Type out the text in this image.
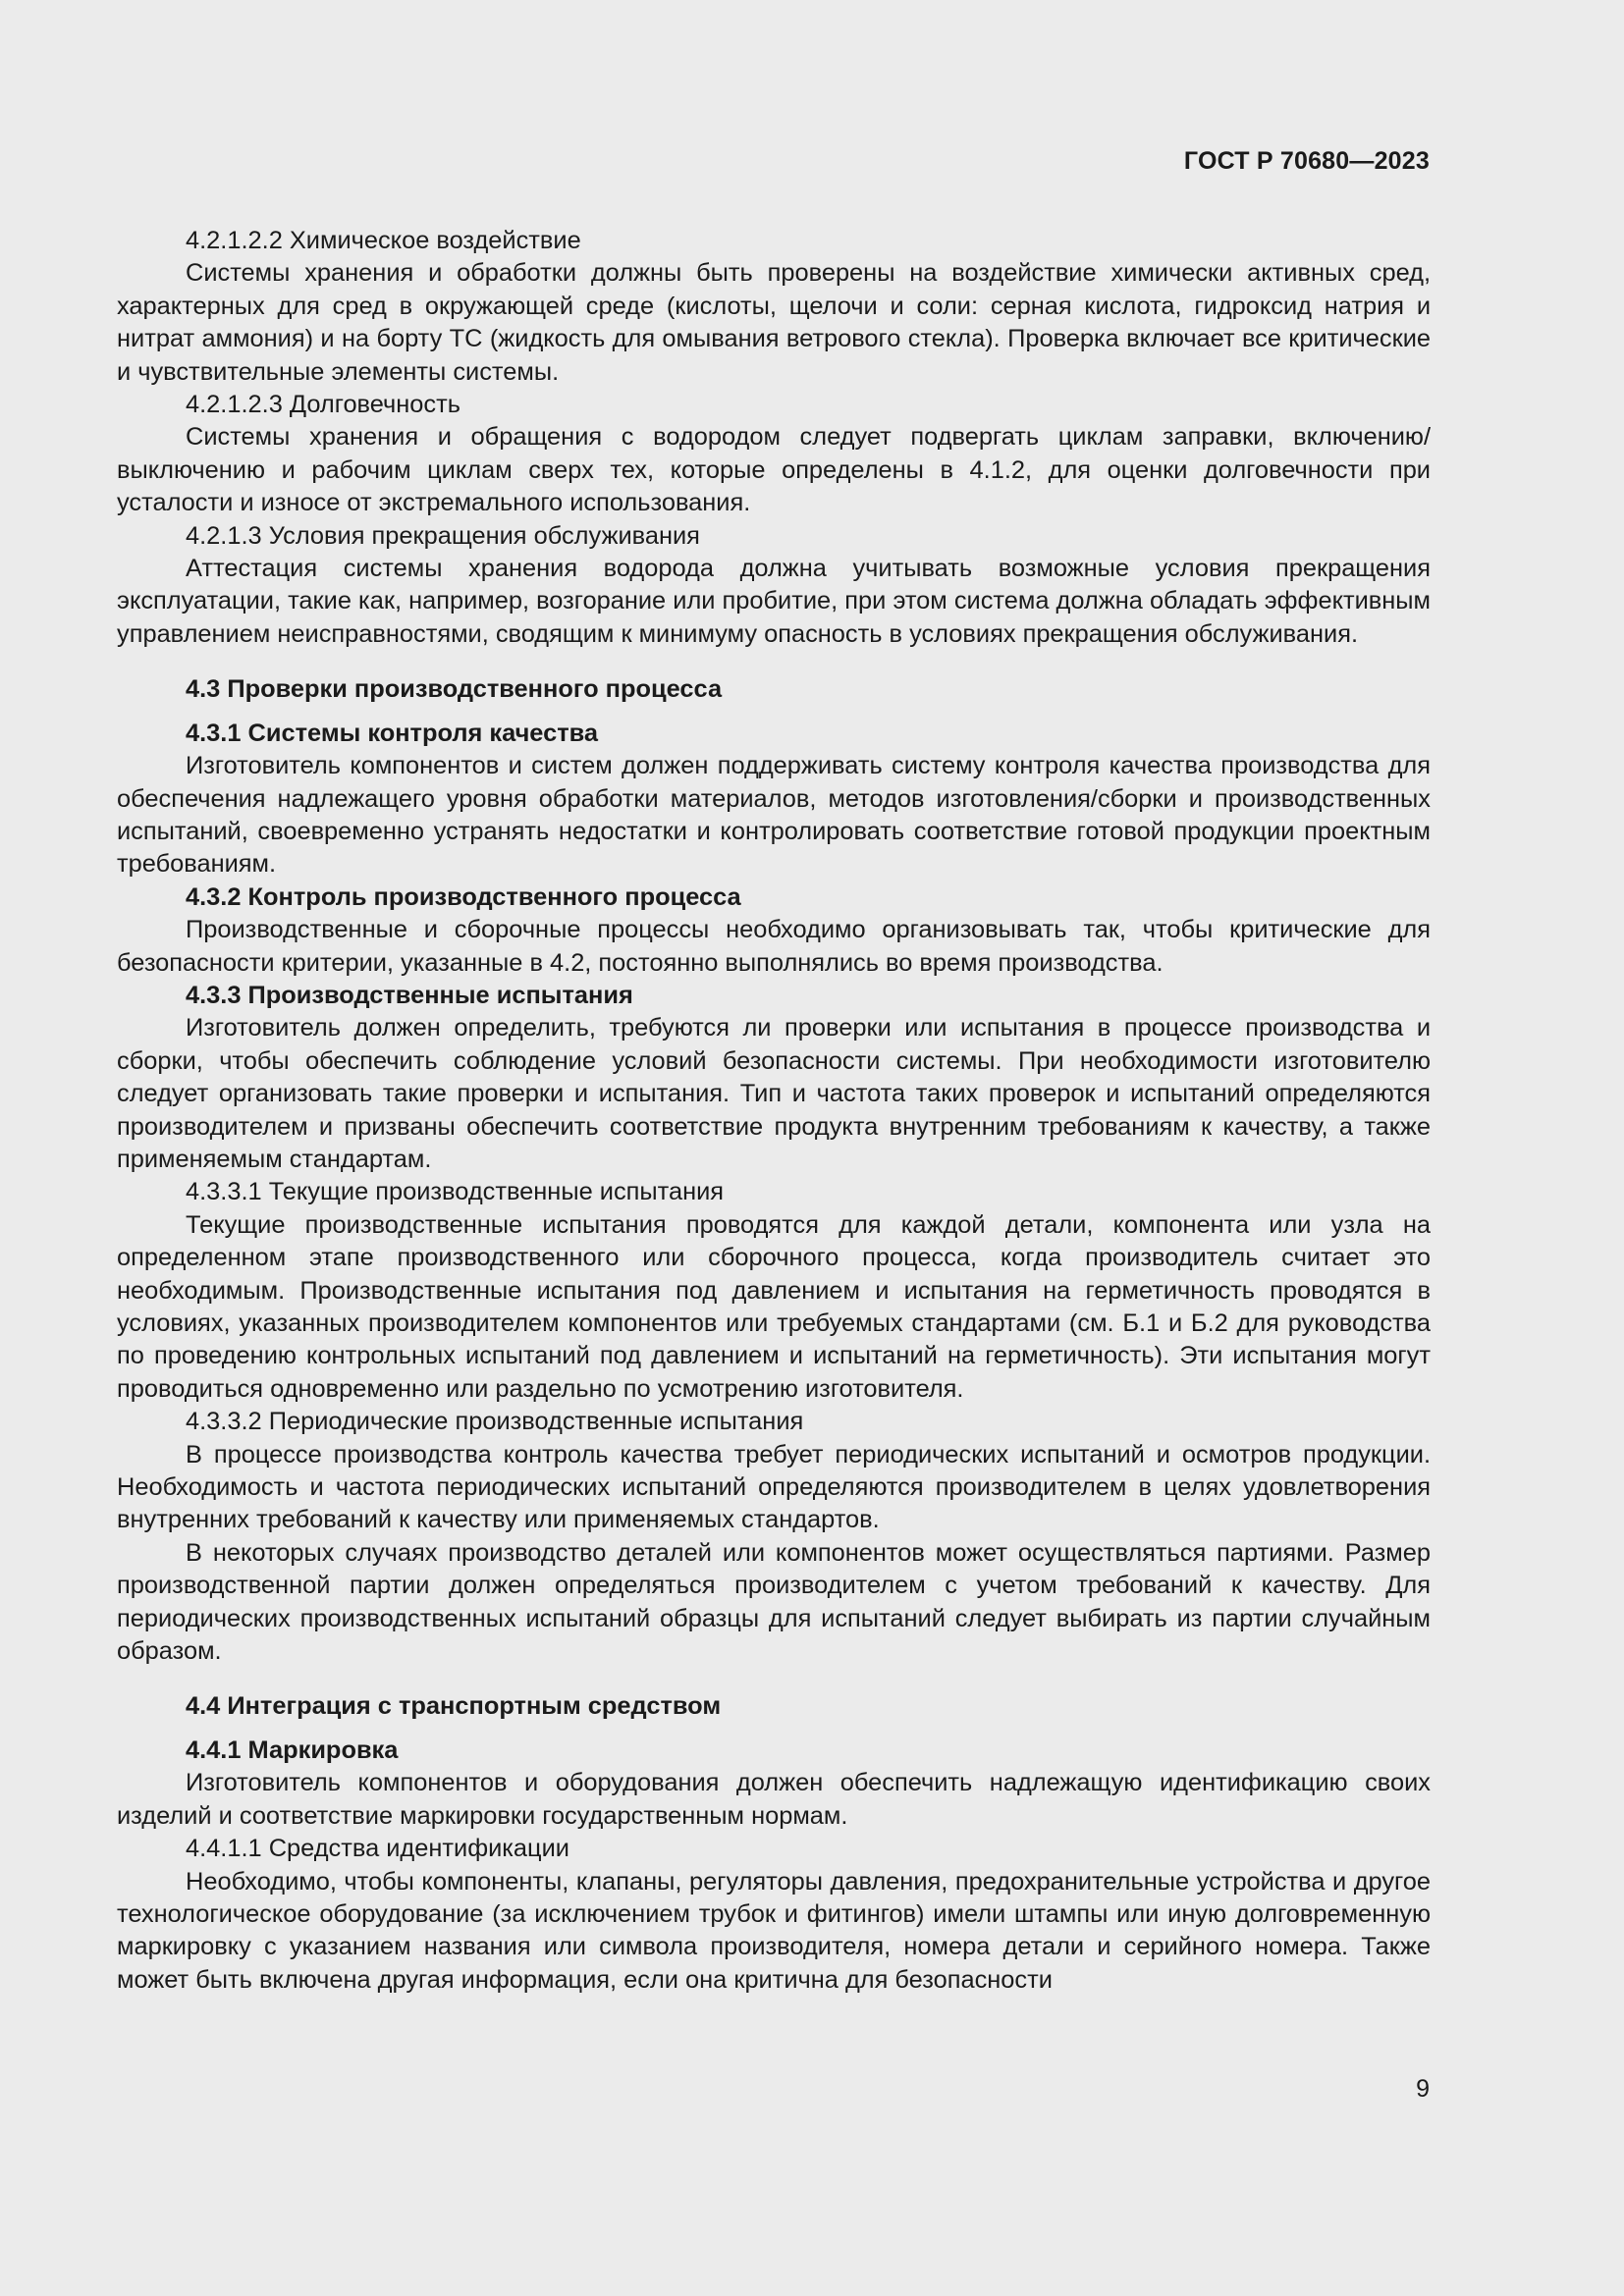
ГОСТ Р 70680—2023

4.2.1.2.2 Химическое воздействие

Системы хранения и обработки должны быть проверены на воздействие химически активных сред, характерных для сред в окружающей среде (кислоты, щелочи и соли: серная кислота, гидроксид натрия и нитрат аммония) и на борту ТС (жидкость для омывания ветрового стекла). Проверка включает все критические и чувствительные элементы системы.

4.2.1.2.3 Долговечность

Системы хранения и обращения с водородом следует подвергать циклам заправки, включению/выключению и рабочим циклам сверх тех, которые определены в 4.1.2, для оценки долговечности при усталости и износе от экстремального использования.

4.2.1.3 Условия прекращения обслуживания

Аттестация системы хранения водорода должна учитывать возможные условия прекращения эксплуатации, такие как, например, возгорание или пробитие, при этом система должна обладать эффективным управлением неисправностями, сводящим к минимуму опасность в условиях прекращения обслуживания.

4.3 Проверки производственного процесса

4.3.1 Системы контроля качества

Изготовитель компонентов и систем должен поддерживать систему контроля качества производства для обеспечения надлежащего уровня обработки материалов, методов изготовления/сборки и производственных испытаний, своевременно устранять недостатки и контролировать соответствие готовой продукции проектным требованиям.

4.3.2 Контроль производственного процесса

Производственные и сборочные процессы необходимо организовывать так, чтобы критические для безопасности критерии, указанные в 4.2, постоянно выполнялись во время производства.

4.3.3 Производственные испытания

Изготовитель должен определить, требуются ли проверки или испытания в процессе производства и сборки, чтобы обеспечить соблюдение условий безопасности системы. При необходимости изготовителю следует организовать такие проверки и испытания. Тип и частота таких проверок и испытаний определяются производителем и призваны обеспечить соответствие продукта внутренним требованиям к качеству, а также применяемым стандартам.

4.3.3.1 Текущие производственные испытания

Текущие производственные испытания проводятся для каждой детали, компонента или узла на определенном этапе производственного или сборочного процесса, когда производитель считает это необходимым. Производственные испытания под давлением и испытания на герметичность проводятся в условиях, указанных производителем компонентов или требуемых стандартами (см. Б.1 и Б.2 для руководства по проведению контрольных испытаний под давлением и испытаний на герметичность). Эти испытания могут проводиться одновременно или раздельно по усмотрению изготовителя.

4.3.3.2 Периодические производственные испытания

В процессе производства контроль качества требует периодических испытаний и осмотров продукции. Необходимость и частота периодических испытаний определяются производителем в целях удовлетворения внутренних требований к качеству или применяемых стандартов.

В некоторых случаях производство деталей или компонентов может осуществляться партиями. Размер производственной партии должен определяться производителем с учетом требований к качеству. Для периодических производственных испытаний образцы для испытаний следует выбирать из партии случайным образом.

4.4 Интеграция с транспортным средством

4.4.1 Маркировка

Изготовитель компонентов и оборудования должен обеспечить надлежащую идентификацию своих изделий и соответствие маркировки государственным нормам.

4.4.1.1 Средства идентификации

Необходимо, чтобы компоненты, клапаны, регуляторы давления, предохранительные устройства и другое технологическое оборудование (за исключением трубок и фитингов) имели штампы или иную долговременную маркировку с указанием названия или символа производителя, номера детали и серийного номера. Также может быть включена другая информация, если она критична для безопасности

9
